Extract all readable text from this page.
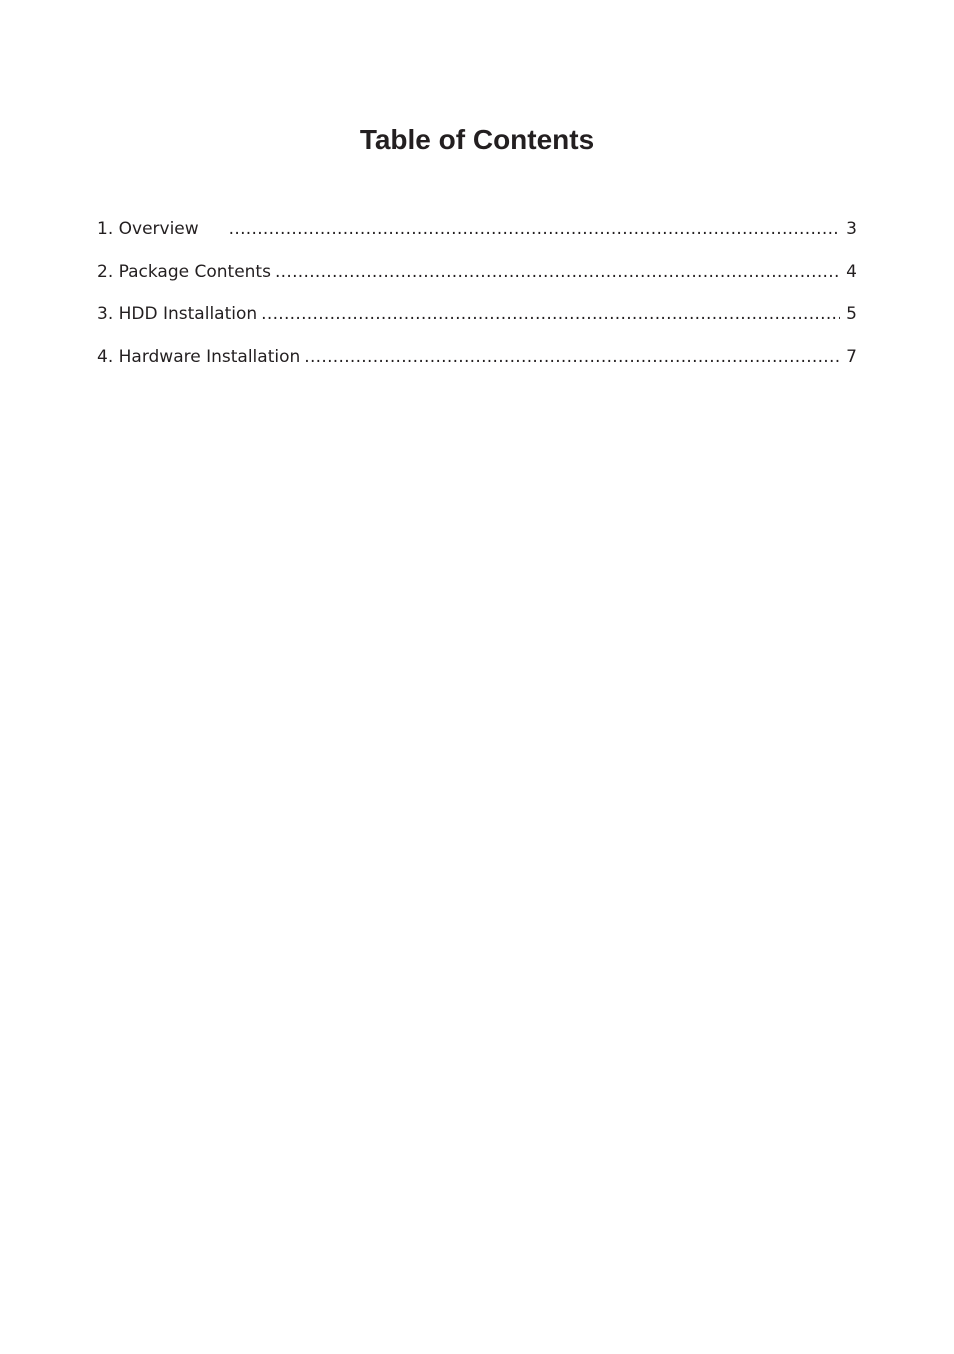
Table of Contents
1. Overview .....	3
2. Package Contents .....	4
3. HDD Installation .....	5
4. Hardware Installation .....	7
